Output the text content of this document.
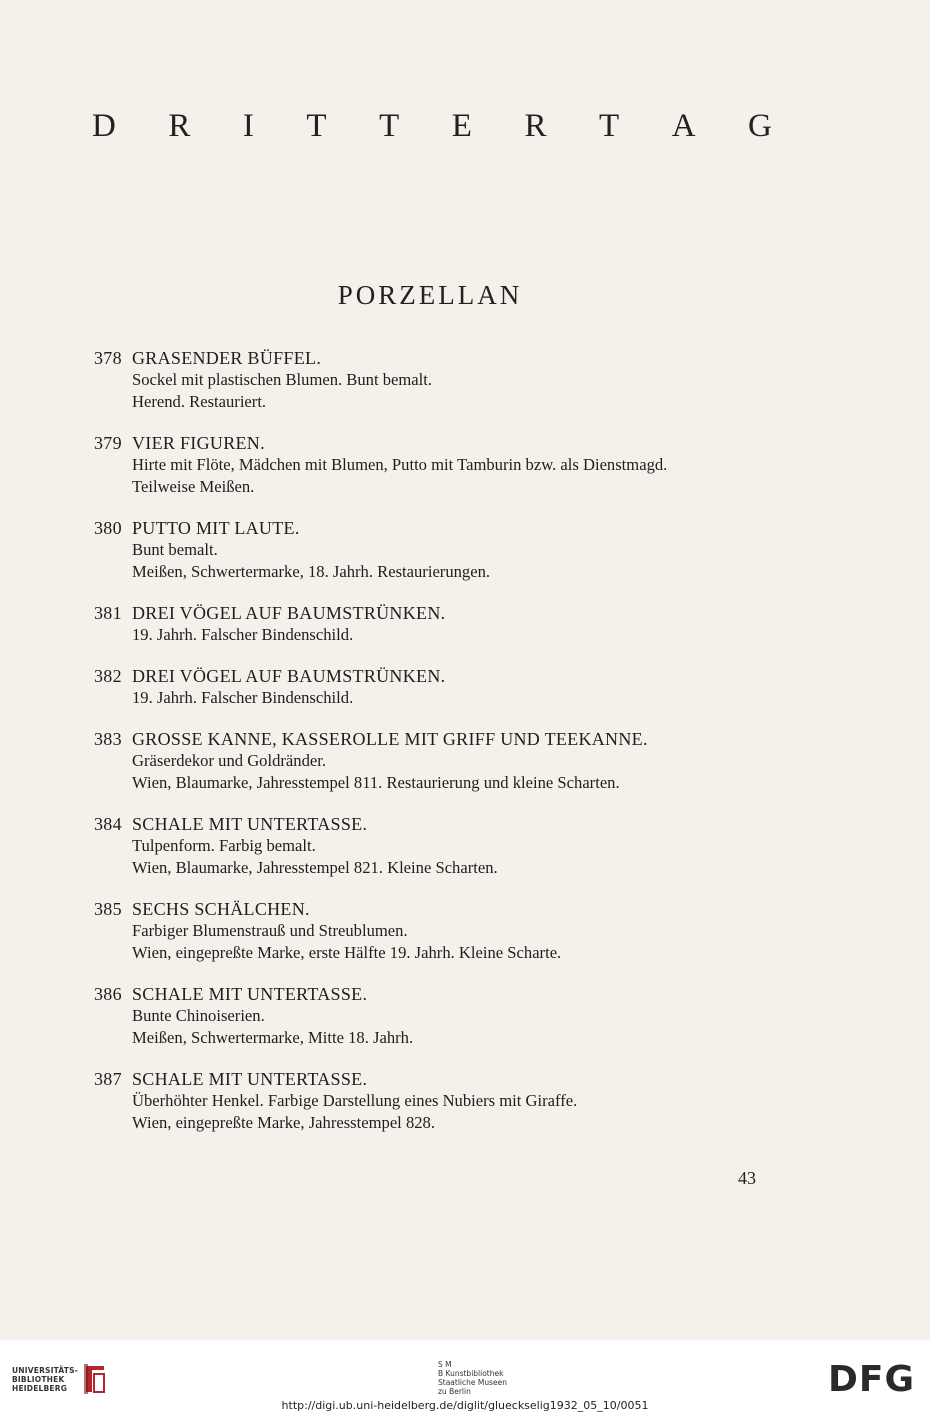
D R I T T E R T A G
PORZELLAN
378 GRASENDER BÜFFEL.
Sockel mit plastischen Blumen. Bunt bemalt.
Herend. Restauriert.
379 VIER FIGUREN.
Hirte mit Flöte, Mädchen mit Blumen, Putto mit Tamburin bzw. als Dienstmagd.
Teilweise Meißen.
380 PUTTO MIT LAUTE.
Bunt bemalt.
Meißen, Schwertermarke, 18. Jahrh. Restaurierungen.
381 DREI VÖGEL AUF BAUMSTRÜNKEN.
19. Jahrh. Falscher Bindenschild.
382 DREI VÖGEL AUF BAUMSTRÜNKEN.
19. Jahrh. Falscher Bindenschild.
383 GROSSE KANNE, KASSEROLLE MIT GRIFF UND TEEKANNE.
Gräserdekor und Goldränder.
Wien, Blaumarke, Jahresstempel 811. Restaurierung und kleine Scharten.
384 SCHALE MIT UNTERTASSE.
Tulpenform. Farbig bemalt.
Wien, Blaumarke, Jahresstempel 821. Kleine Scharten.
385 SECHS SCHÄLCHEN.
Farbiger Blumenstrauß und Streublumen.
Wien, eingepreßte Marke, erste Hälfte 19. Jahrh. Kleine Scharte.
386 SCHALE MIT UNTERTASSE.
Bunte Chinoiserien.
Meißen, Schwertermarke, Mitte 18. Jahrh.
387 SCHALE MIT UNTERTASSE.
Überhöhter Henkel. Farbige Darstellung eines Nubiers mit Giraffe.
Wien, eingepreßte Marke, Jahresstempel 828.
43
UNIVERSITÄTS-
BIBLIOTHEK
HEIDELBERG
S M
B Kunstbibliothek
Staatliche Museen
zu Berlin	DFG
http://digi.ub.uni-heidelberg.de/diglit/glueckselig1932_05_10/0051
